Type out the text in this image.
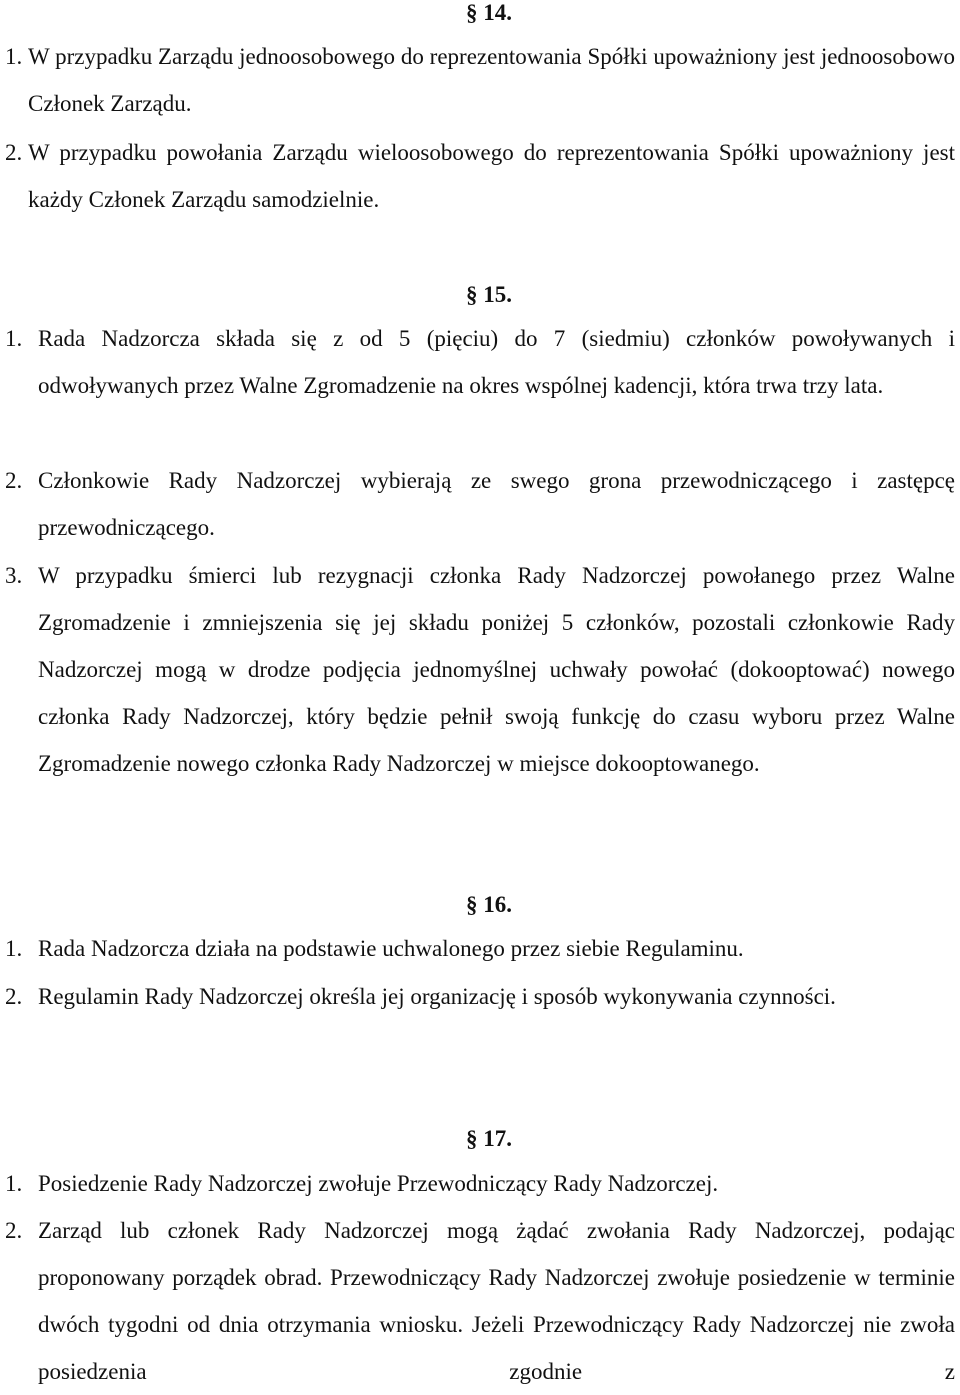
§ 14.
1. W przypadku Zarządu jednoosobowego do reprezentowania Spółki upoważniony jest jednoosobowo Członek Zarządu.
2. W przypadku powołania Zarządu wieloosobowego do reprezentowania Spółki upoważniony jest każdy Członek Zarządu samodzielnie.
§ 15.
1. Rada Nadzorcza składa się z od 5 (pięciu) do 7 (siedmiu) członków powoływanych i odwoływanych przez Walne Zgromadzenie na okres wspólnej kadencji, która trwa trzy lata.
2. Członkowie Rady Nadzorczej wybierają ze swego grona przewodniczącego i zastępcę przewodniczącego.
3. W przypadku śmierci lub rezygnacji członka Rady Nadzorczej powołanego przez Walne Zgromadzenie i zmniejszenia się jej składu poniżej 5 członków, pozostali członkowie Rady Nadzorczej mogą w drodze podjęcia jednomyślnej uchwały powołać (dokooptować) nowego członka Rady Nadzorczej, który będzie pełnił swoją funkcję do czasu wyboru przez Walne Zgromadzenie nowego członka Rady Nadzorczej w miejsce dokooptowanego.
§ 16.
1. Rada Nadzorcza działa na podstawie uchwalonego przez siebie Regulaminu.
2. Regulamin Rady Nadzorczej określa jej organizację i sposób wykonywania czynności.
§ 17.
1. Posiedzenie Rady Nadzorczej zwołuje Przewodniczący Rady Nadzorczej.
2. Zarząd lub członek Rady Nadzorczej mogą żądać zwołania Rady Nadzorczej, podając proponowany porządek obrad. Przewodniczący Rady Nadzorczej zwołuje posiedzenie w terminie dwóch tygodni od dnia otrzymania wniosku. Jeżeli Przewodniczący Rady Nadzorczej nie zwoła posiedzenia zgodnie z
